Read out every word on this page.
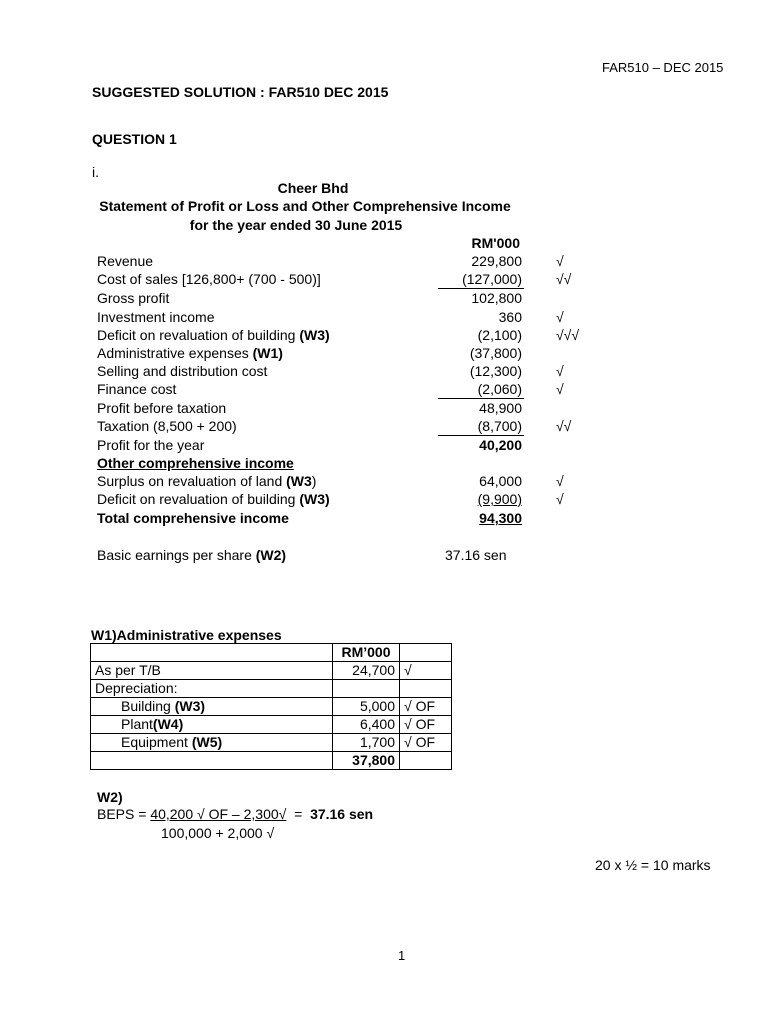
FAR510 – DEC 2015
SUGGESTED SOLUTION : FAR510 DEC 2015
QUESTION 1
i.
Cheer Bhd
Statement of Profit or Loss and Other Comprehensive Income
for the year ended 30 June 2015
RM'000
Revenue	229,800 √
Cost of sales [126,800+ (700 - 500)]	(127,000) √√
Gross profit	102,800
Investment income	360 √
Deficit on revaluation of building (W3)	(2,100) √√√
Administrative expenses (W1)	(37,800)
Selling and distribution cost	(12,300) √
Finance cost	(2,060) √
Profit before taxation	48,900
Taxation (8,500 + 200)	(8,700) √√
Profit for the year	40,200
Other comprehensive income
Surplus on revaluation of land (W3)	64,000 √
Deficit on revaluation of building (W3)	(9,900) √
Total comprehensive income	94,300
Basic earnings per share (W2)	37.16 sen
W1)Administrative expenses
	RM’000	
As per T/B	24,700	√
Depreciation:		
Building (W3)	5,000	√ OF
Plant(W4)	6,400	√ OF
Equipment (W5)	1,700	√ OF
	37,800	
W2)
BEPS = 40,200 √ OF – 2,300√  =  37.16 sen
100,000 + 2,000 √
20 x ½ = 10 marks
1
